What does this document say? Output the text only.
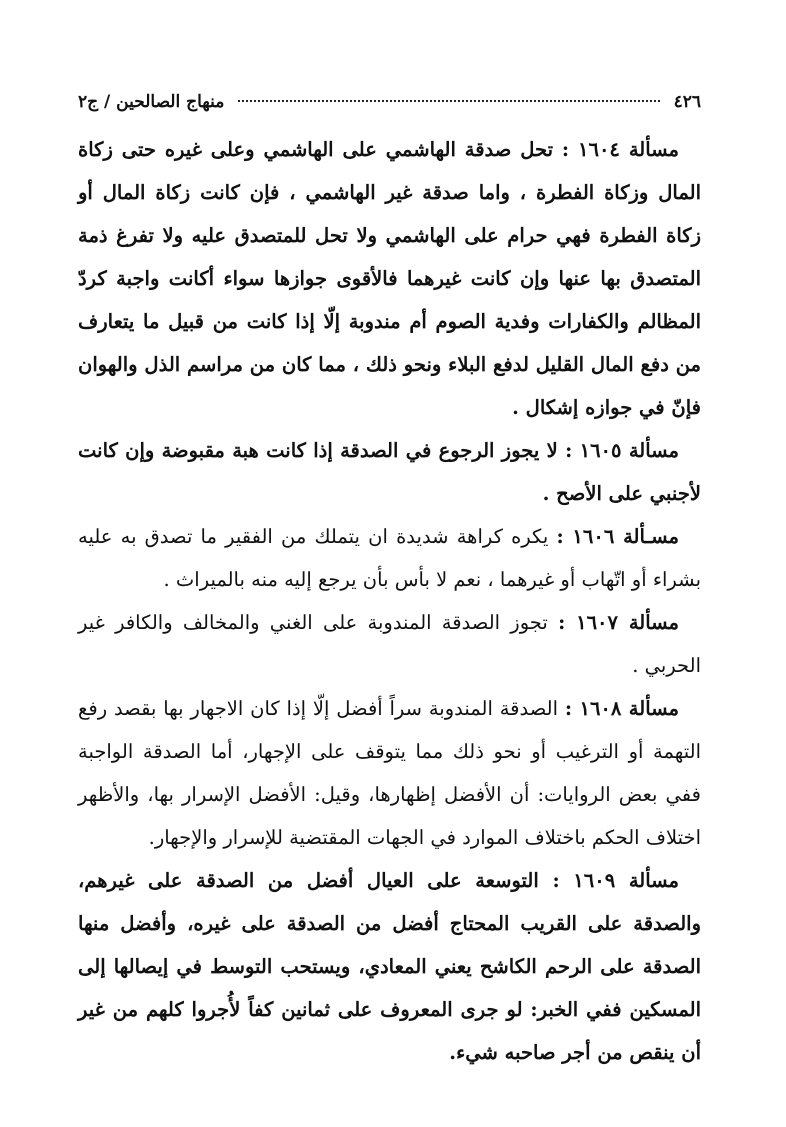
٤٢٦
منهاج الصالحين / ج٢

مسألة ١٦٠٤ : تحل صدقة الهاشمي على الهاشمي وعلى غيره حتى زكاة المال وزكاة الفطرة ، واما صدقة غير الهاشمي ، فإن كانت زكاة المال أو زكاة الفطرة فهي حرام على الهاشمي ولا تحل للمتصدق عليه ولا تفرغ ذمة المتصدق بها عنها وإن كانت غيرهما فالأقوى جوازها سواء أكانت واجبة كردّ المظالم والكفارات وفدية الصوم أم مندوبة إلّا إذا كانت من قبيل ما يتعارف من دفع المال القليل لدفع البلاء ونحو ذلك ، مما كان من مراسم الذل والهوان فإنّ في جوازه إشكال .

مسألة ١٦٠٥ : لا يجوز الرجوع في الصدقة إذا كانت هبة مقبوضة وإن كانت لأجنبي على الأصح .

مسـألة ١٦٠٦ : يكره كراهة شديدة ان يتملك من الفقير ما تصدق به عليه بشراء أو اتّهاب أو غيرهما ، نعم لا بأس بأن يرجع إليه منه بالميراث .

مسألة ١٦٠٧ : تجوز الصدقة المندوبة على الغني والمخالف والكافر غير الحربي .

مسألة ١٦٠٨ : الصدقة المندوبة سراً أفضل إلّا إذا كان الاجهار بها بقصد رفع التهمة أو الترغيب أو نحو ذلك مما يتوقف على الإجهار، أما الصدقة الواجبة ففي بعض الروايات: أن الأفضل إظهارها، وقيل: الأفضل الإسرار بها، والأظهر اختلاف الحكم باختلاف الموارد في الجهات المقتضية للإسرار والإجهار.

مسألة ١٦٠٩ : التوسعة على العيال أفضل من الصدقة على غيرهم، والصدقة على القريب المحتاج أفضل من الصدقة على غيره، وأفضل منها الصدقة على الرحم الكاشح يعني المعادي، ويستحب التوسط في إيصالها إلى المسكين ففي الخبر: لو جرى المعروف على ثمانين كفاً لأُجروا كلهم من غير أن ينقص من أجر صاحبه شيء.
